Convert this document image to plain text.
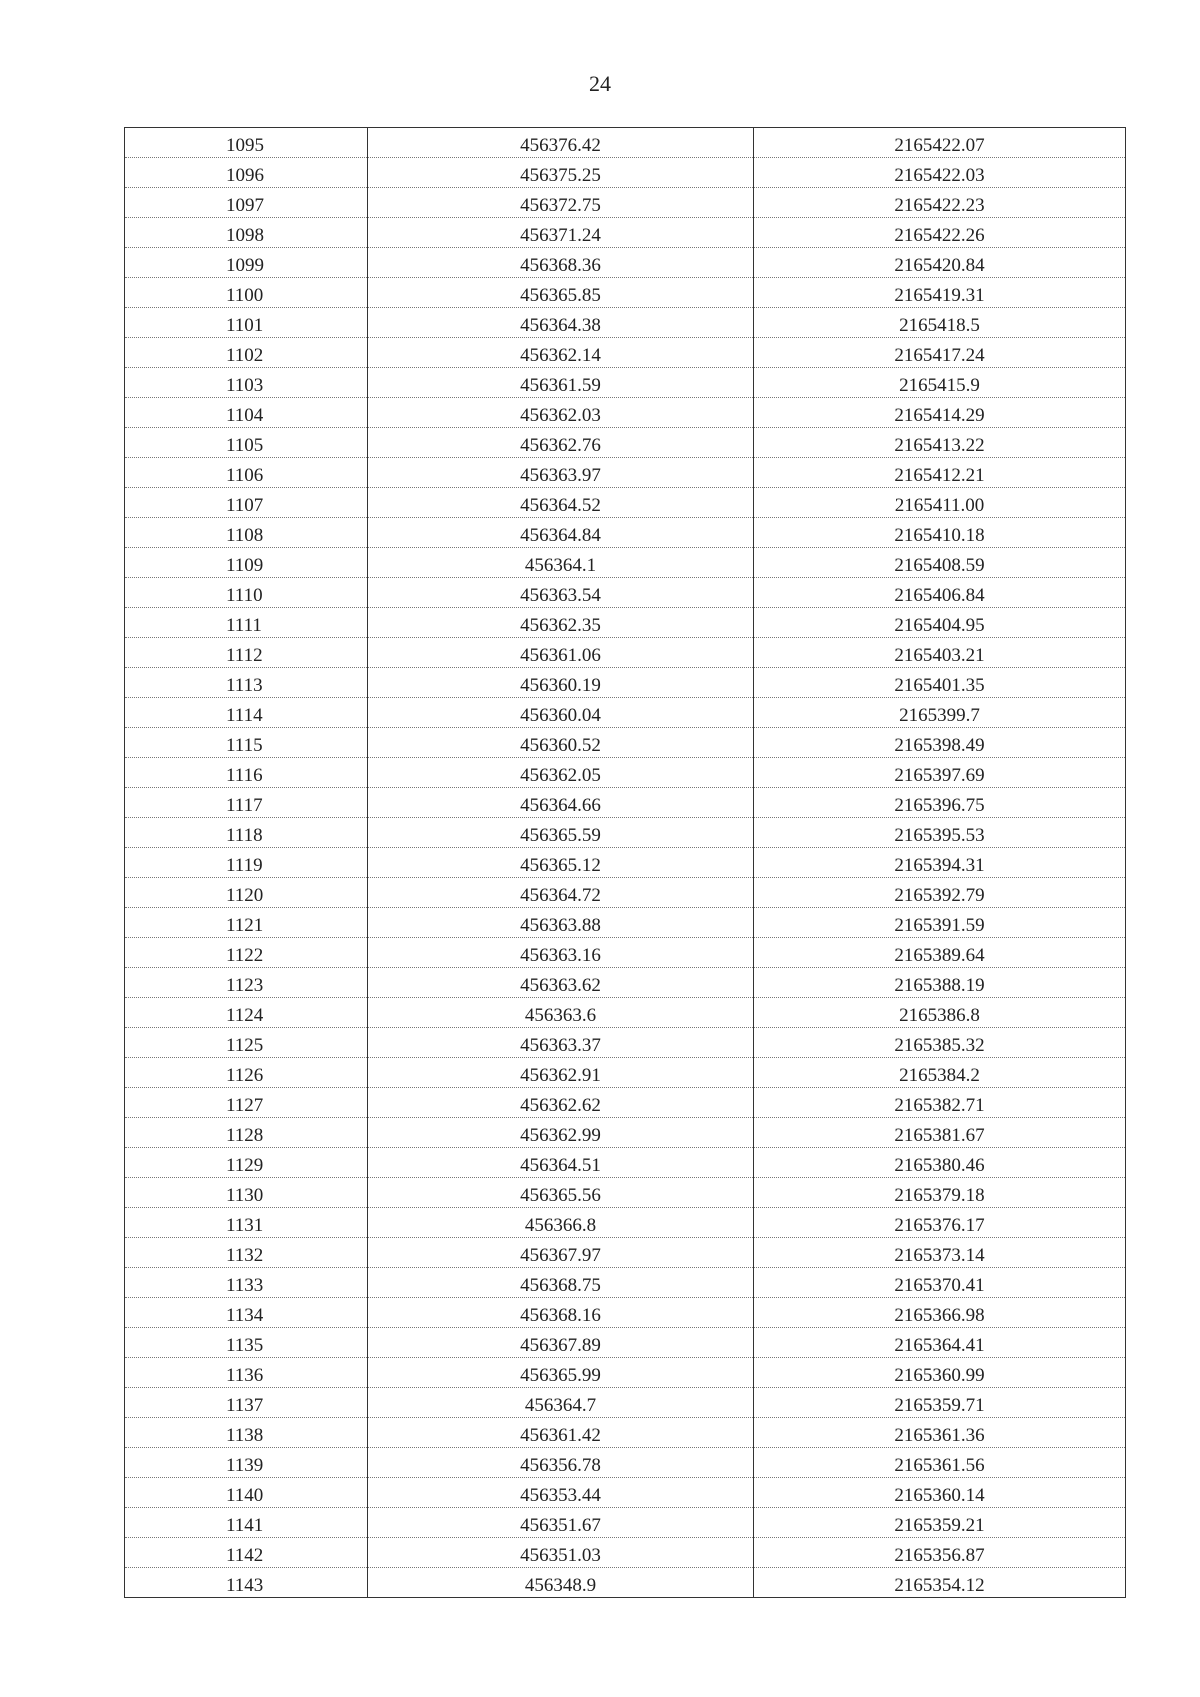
24
1095	456376.42	2165422.07
1096	456375.25	2165422.03
1097	456372.75	2165422.23
1098	456371.24	2165422.26
1099	456368.36	2165420.84
1100	456365.85	2165419.31
1101	456364.38	2165418.5
1102	456362.14	2165417.24
1103	456361.59	2165415.9
1104	456362.03	2165414.29
1105	456362.76	2165413.22
1106	456363.97	2165412.21
1107	456364.52	2165411.00
1108	456364.84	2165410.18
1109	456364.1	2165408.59
1110	456363.54	2165406.84
1111	456362.35	2165404.95
1112	456361.06	2165403.21
1113	456360.19	2165401.35
1114	456360.04	2165399.7
1115	456360.52	2165398.49
1116	456362.05	2165397.69
1117	456364.66	2165396.75
1118	456365.59	2165395.53
1119	456365.12	2165394.31
1120	456364.72	2165392.79
1121	456363.88	2165391.59
1122	456363.16	2165389.64
1123	456363.62	2165388.19
1124	456363.6	2165386.8
1125	456363.37	2165385.32
1126	456362.91	2165384.2
1127	456362.62	2165382.71
1128	456362.99	2165381.67
1129	456364.51	2165380.46
1130	456365.56	2165379.18
1131	456366.8	2165376.17
1132	456367.97	2165373.14
1133	456368.75	2165370.41
1134	456368.16	2165366.98
1135	456367.89	2165364.41
1136	456365.99	2165360.99
1137	456364.7	2165359.71
1138	456361.42	2165361.36
1139	456356.78	2165361.56
1140	456353.44	2165360.14
1141	456351.67	2165359.21
1142	456351.03	2165356.87
1143	456348.9	2165354.12
